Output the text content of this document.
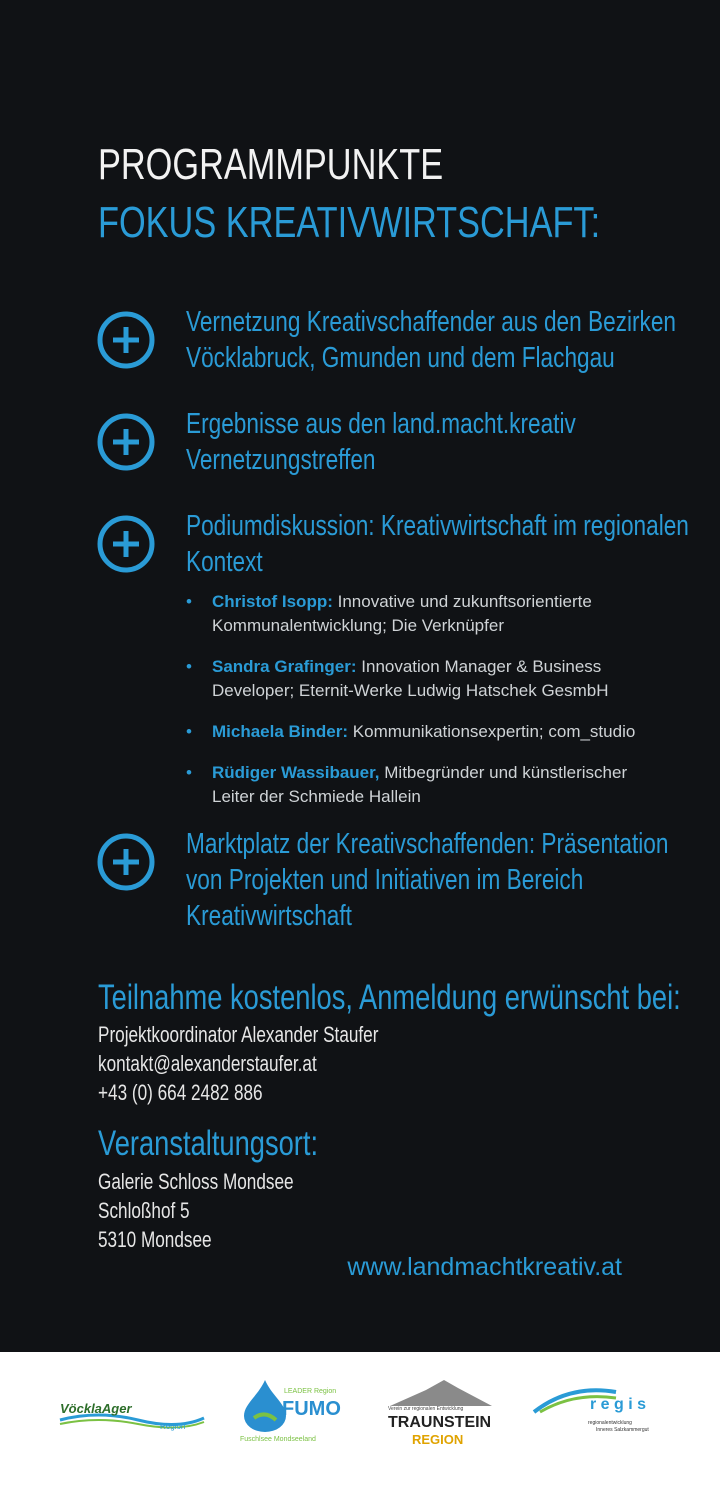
PROGRAMMPUNKTE
FOKUS KREATIVWIRTSCHAFT:
Vernetzung Kreativschaffender aus den Bezirken
Vöcklabruck, Gmunden und dem Flachgau
Ergebnisse aus den land.macht.kreativ
Vernetzungstreffen
Podiumdiskussion: Kreativwirtschaft im regionalen
Kontext
• Christof Isopp: Innovative und zukunftsorientierte
Kommunalentwicklung; Die Verknüpfer
• Sandra Grafinger: Innovation Manager & Business
Developer; Eternit-Werke Ludwig Hatschek GesmbH
• Michaela Binder: Kommunikationsexpertin; com_studio
• Rüdiger Wassibauer, Mitbegründer und künstlerischer
Leiter der Schmiede Hallein
Marktplatz der Kreativschaffenden: Präsentation
von Projekten und Initiativen im Bereich
Kreativwirtschaft
Teilnahme kostenlos, Anmeldung erwünscht bei:
Projektkoordinator Alexander Staufer
kontakt@alexanderstaufer.at
+43 (0) 664 2482 886
Veranstaltungsort:
Galerie Schloss Mondsee
Schloßhof 5
5310 Mondsee
www.landmachtkreativ.at
VöcklaAger
Region
LEADER Region
FUMO
Fuschlsee Mondseeland
Verein zur regionalen Entwicklung
TRAUNSTEIN
REGION
r e g i s
regionalentwicklung
Inneres Salzkammergut
